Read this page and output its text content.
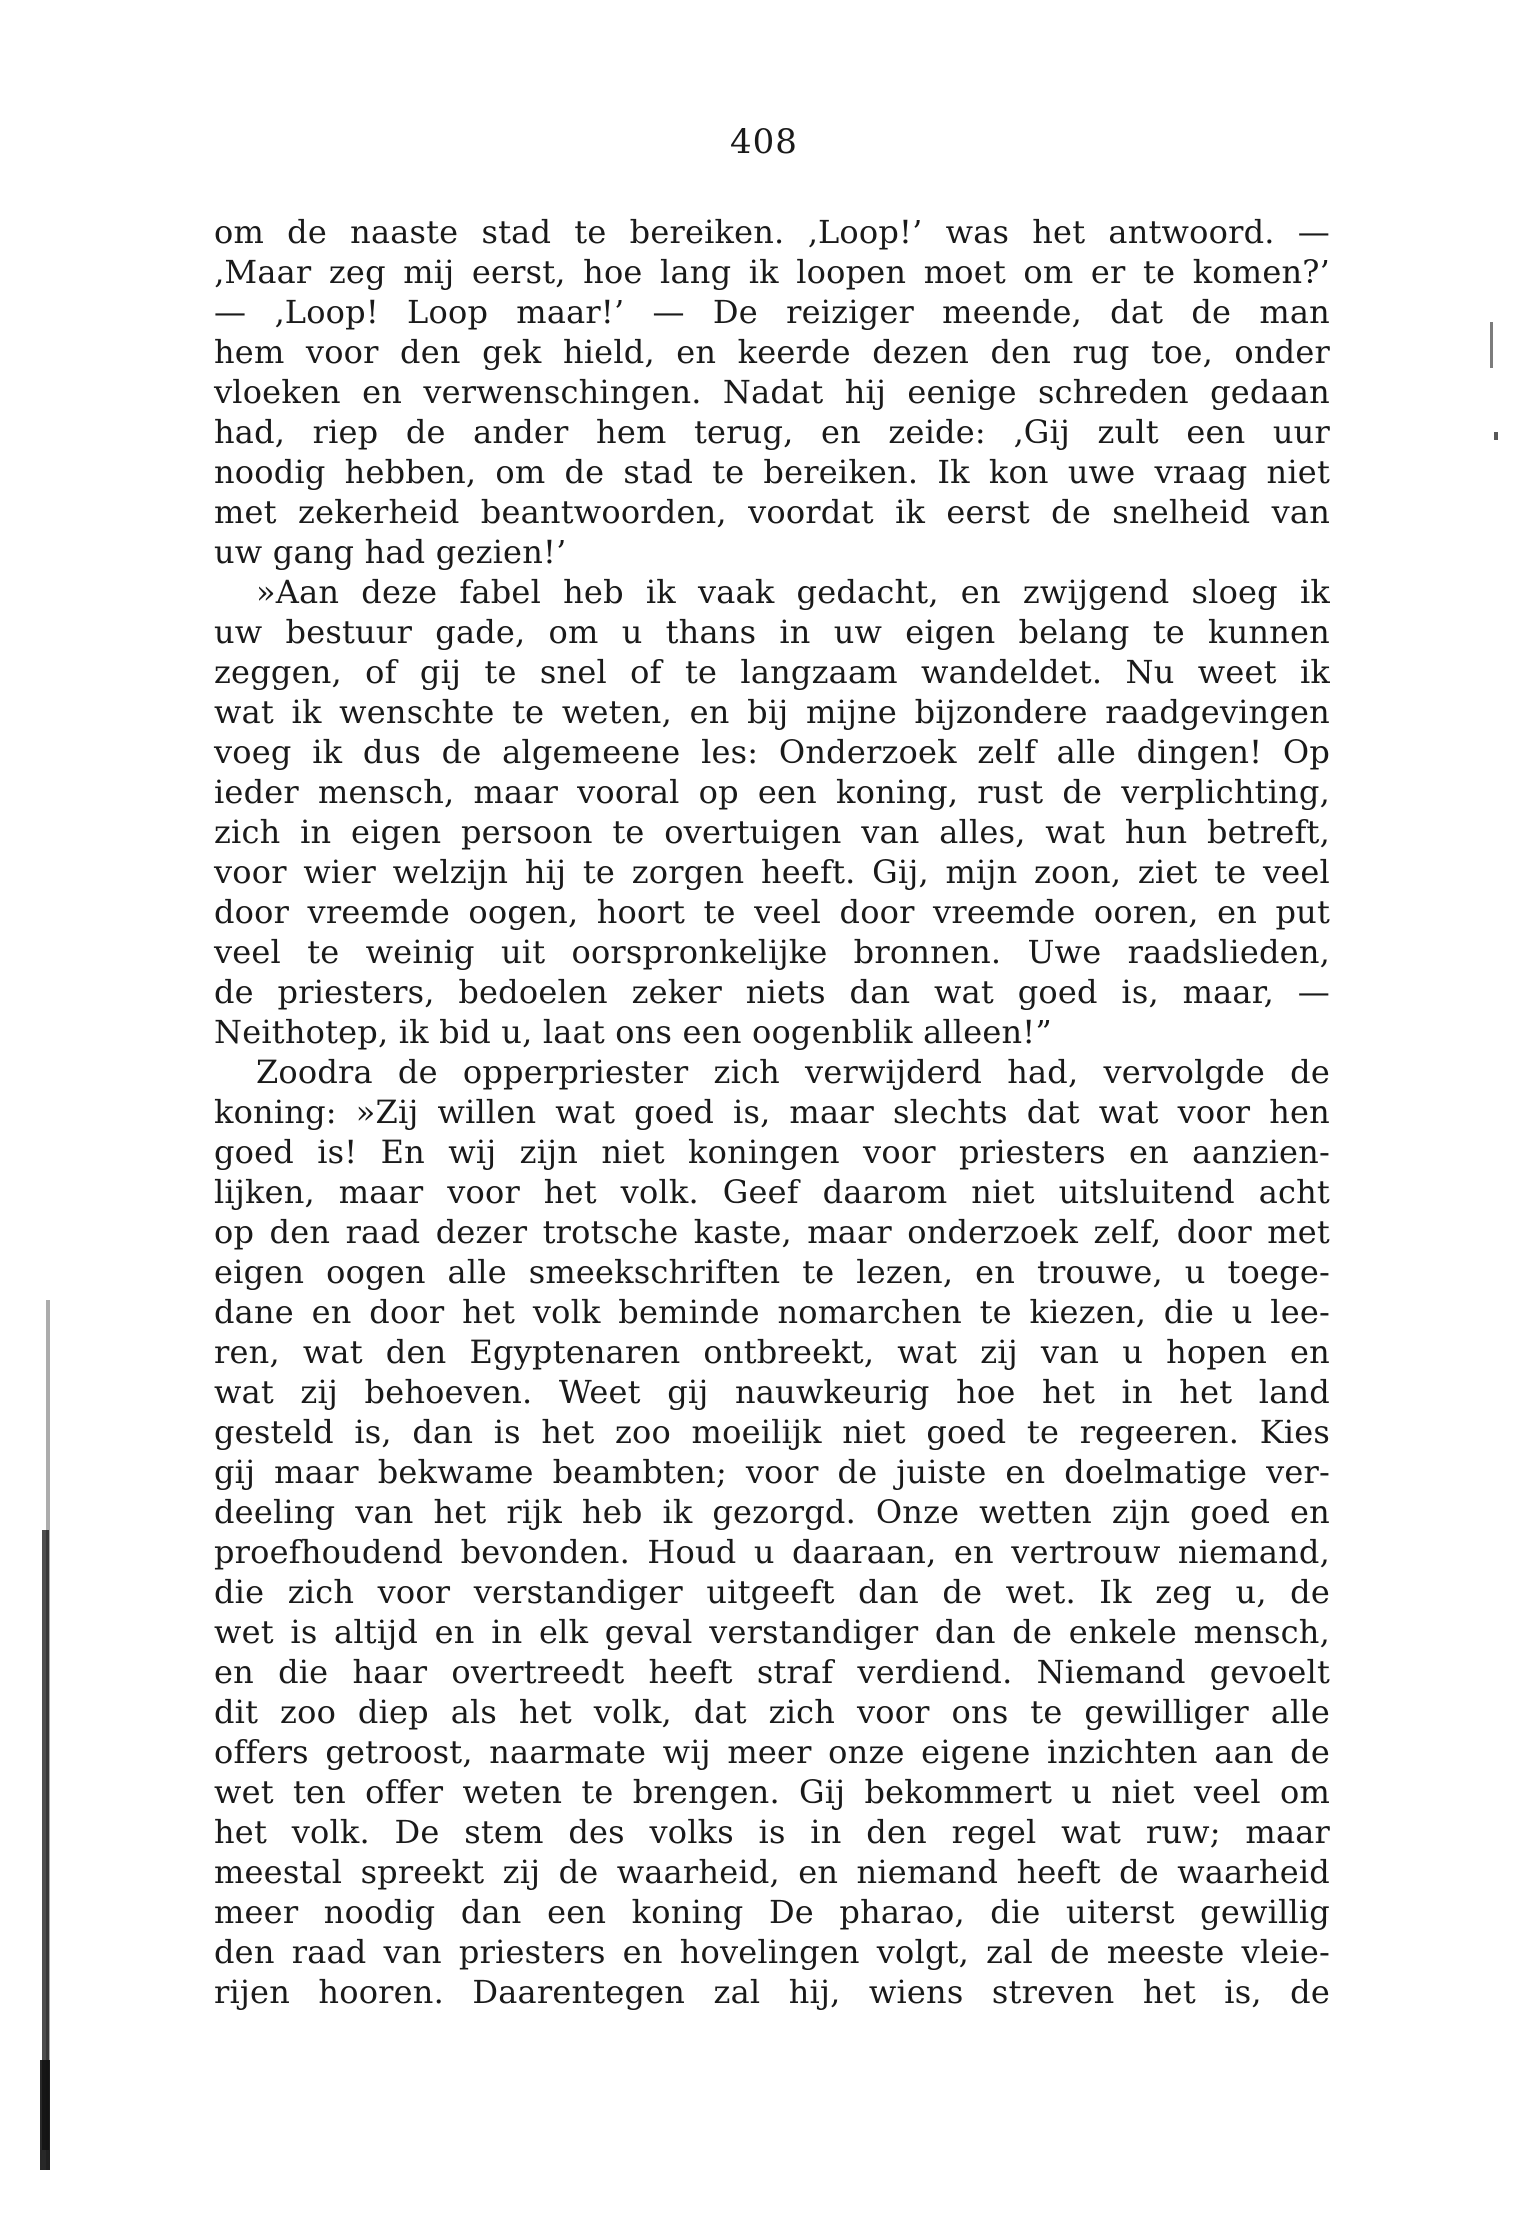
408
om de naaste stad te bereiken. ‚Loop!’ was het antwoord. —
‚Maar zeg mij eerst, hoe lang ik loopen moet om er te komen?’
— ‚Loop! Loop maar!’ — De reiziger meende, dat de man
hem voor den gek hield, en keerde dezen den rug toe, onder
vloeken en verwenschingen. Nadat hij eenige schreden gedaan
had, riep de ander hem terug, en zeide: ‚Gij zult een uur
noodig hebben, om de stad te bereiken. Ik kon uwe vraag niet
met zekerheid beantwoorden, voordat ik eerst de snelheid van
uw gang had gezien!’
»Aan deze fabel heb ik vaak gedacht, en zwijgend sloeg ik
uw bestuur gade, om u thans in uw eigen belang te kunnen
zeggen, of gij te snel of te langzaam wandeldet. Nu weet ik
wat ik wenschte te weten, en bij mijne bijzondere raadgevingen
voeg ik dus de algemeene les: Onderzoek zelf alle dingen! Op
ieder mensch, maar vooral op een koning, rust de verplichting,
zich in eigen persoon te overtuigen van alles, wat hun betreft,
voor wier welzijn hij te zorgen heeft. Gij, mijn zoon, ziet te veel
door vreemde oogen, hoort te veel door vreemde ooren, en put
veel te weinig uit oorspronkelijke bronnen. Uwe raadslieden,
de priesters, bedoelen zeker niets dan wat goed is, maar, —
Neithotep, ik bid u, laat ons een oogenblik alleen!”
Zoodra de opperpriester zich verwijderd had, vervolgde de
koning: »Zij willen wat goed is, maar slechts dat wat voor hen
goed is! En wij zijn niet koningen voor priesters en aanzien-
lijken, maar voor het volk. Geef daarom niet uitsluitend acht
op den raad dezer trotsche kaste, maar onderzoek zelf, door met
eigen oogen alle smeekschriften te lezen, en trouwe, u toege-
dane en door het volk beminde nomarchen te kiezen, die u lee-
ren, wat den Egyptenaren ontbreekt, wat zij van u hopen en
wat zij behoeven. Weet gij nauwkeurig hoe het in het land
gesteld is, dan is het zoo moeilijk niet goed te regeeren. Kies
gij maar bekwame beambten; voor de juiste en doelmatige ver-
deeling van het rijk heb ik gezorgd. Onze wetten zijn goed en
proefhoudend bevonden. Houd u daaraan, en vertrouw niemand,
die zich voor verstandiger uitgeeft dan de wet. Ik zeg u, de
wet is altijd en in elk geval verstandiger dan de enkele mensch,
en die haar overtreedt heeft straf verdiend. Niemand gevoelt
dit zoo diep als het volk, dat zich voor ons te gewilliger alle
offers getroost, naarmate wij meer onze eigene inzichten aan de
wet ten offer weten te brengen. Gij bekommert u niet veel om
het volk. De stem des volks is in den regel wat ruw; maar
meestal spreekt zij de waarheid, en niemand heeft de waarheid
meer noodig dan een koning De pharao, die uiterst gewillig
den raad van priesters en hovelingen volgt, zal de meeste vleie-
rijen hooren. Daarentegen zal hij, wiens streven het is, de
